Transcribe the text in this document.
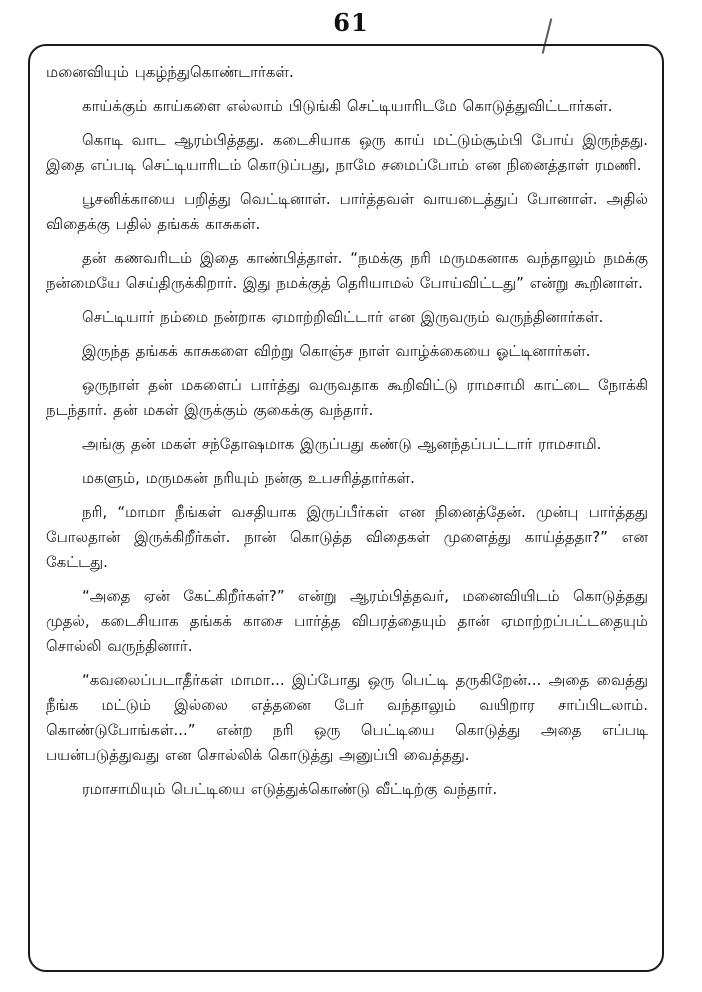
61

மனைவியும் புகழ்ந்துகொண்டார்கள்.

காய்க்கும் காய்களை எல்லாம் பிடுங்கி செட்டியாரிடமே கொடுத்துவிட்டார்கள்.

கொடி வாட ஆரம்பித்தது. கடைசியாக ஒரு காய் மட்டும்சூம்பி போய் இருந்தது. இதை எப்படி செட்டியாரிடம் கொடுப்பது, நாமே சமைப்போம் என நினைத்தாள் ரமணி.

பூசனிக்காயை பறித்து வெட்டினாள். பார்த்தவள் வாயடைத்துப் போனாள். அதில் விதைக்கு பதில் தங்கக் காசுகள்.

தன் கணவரிடம் இதை காண்பித்தாள். “நமக்கு நரி மருமகனாக வந்தாலும் நமக்கு நன்மையே செய்திருக்கிறார். இது நமக்குத் தெரியாமல் போய்விட்டது” என்று கூறினாள்.

செட்டியார் நம்மை நன்றாக ஏமாற்றிவிட்டார் என இருவரும் வருந்தினார்கள்.

இருந்த தங்கக் காசுகளை விற்று கொஞ்ச நாள் வாழ்க்கையை ஓட்டினார்கள்.

ஒருநாள் தன் மகளைப் பார்த்து வருவதாக கூறிவிட்டு ராமசாமி காட்டை நோக்கி நடந்தார். தன் மகள் இருக்கும் குகைக்கு வந்தார்.

அங்கு தன் மகள் சந்தோஷமாக இருப்பது கண்டு ஆனந்தப்பட்டார் ராமசாமி.

மகளும், மருமகன் நரியும் நன்கு உபசரித்தார்கள்.

நரி, “மாமா நீங்கள் வசதியாக இருப்பீர்கள் என நினைத்தேன். முன்பு பார்த்தது போலதான் இருக்கிறீர்கள். நான் கொடுத்த விதைகள் முளைத்து காய்த்ததா?” என கேட்டது.

“அதை ஏன் கேட்கிறீர்கள்?” என்று ஆரம்பித்தவர், மனைவியிடம் கொடுத்தது முதல், கடைசியாக தங்கக் காசை பார்த்த விபரத்தையும் தான் ஏமாற்றப்பட்டதையும் சொல்லி வருந்தினார்.

“கவலைப்படாதீர்கள் மாமா... இப்போது ஒரு பெட்டி தருகிறேன்... அதை வைத்து நீங்க மட்டும் இல்லை எத்தனை பேர் வந்தாலும் வயிறார சாப்பிடலாம். கொண்டுபோங்கள்...” என்ற நரி ஒரு பெட்டியை கொடுத்து அதை எப்படி பயன்படுத்துவது என சொல்லிக் கொடுத்து அனுப்பி வைத்தது.

ரமாசாமியும் பெட்டியை எடுத்துக்கொண்டு வீட்டிற்கு வந்தார்.
